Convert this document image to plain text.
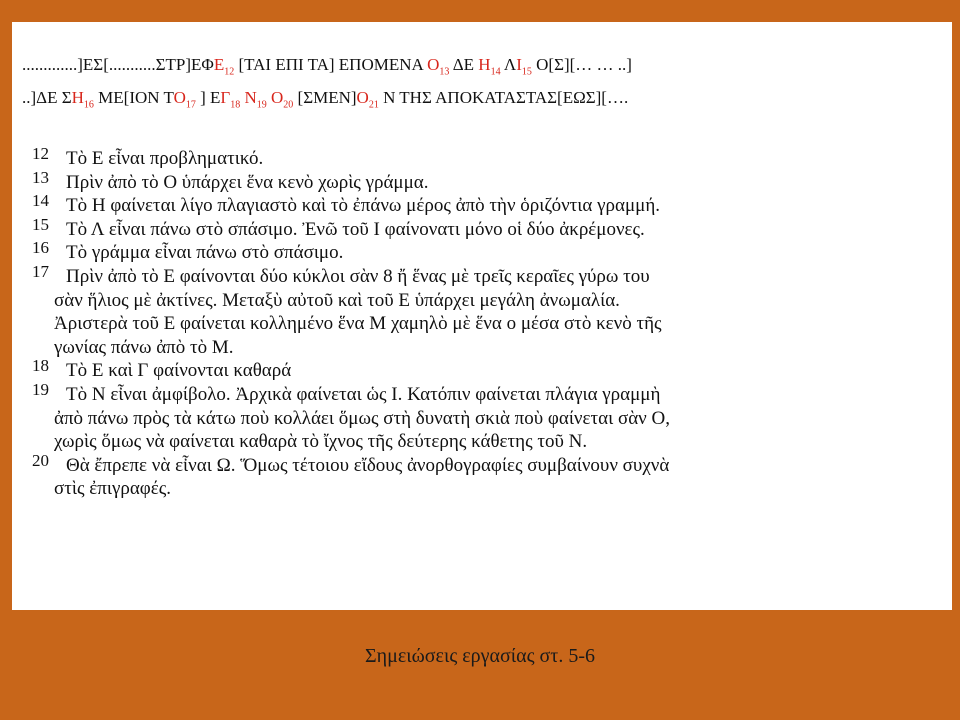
$.............]E\Sigma[...........\Sigma TP]E\Phi E_{12}$ [ΤΑΙ ΕΠΙ ΤΑ] ΕΠΟΜΕΝΑ $O_{13}$ ΔΕ $H_{14}$ $\Lambda I_{15}$ Ο[Σ][… … ..]
..]ΔΕ $\Sigma H_{16}$ ΜΕ[ΙΟΝ $TO_{17}$ ] $E\Gamma_{18}$ $N_{19}$ $O_{20}$ $[\Sigma MEN]O_{21}$ Ν ΤΗΣ ΑΠΟΚΑΤΑΣΤΑΣ[ΕΩΣ][….
12 Τὸ Ε εἶναι προβληματικό.
13 Πρὶν ἀπὸ τὸ Ο ὑπάρχει ἕνα κενὸ χωρὶς γράμμα.
14 Τὸ Η φαίνεται λίγο πλαγιαστὸ καὶ τὸ ἐπάνω μέρος ἀπὸ τὴν ὁριζόντια γραμμή.
15 Τὸ Λ εἶναι πάνω στὸ σπάσιμο. Ἐνῶ τοῦ Ι φαίνονατι μόνο οἱ δύο ἀκρέμονες.
16 Τὸ γράμμα εἶναι πάνω στὸ σπάσιμο.
17 Πρὶν ἀπὸ τὸ Ε φαίνονται δύο κύκλοι σὰν 8 ἤ ἕνας μὲ τρεῖς κεραῖες γύρω του
σὰν ἥλιος μὲ ἀκτίνες. Μεταξὺ αὐτοῦ καὶ τοῦ Ε ὑπάρχει μεγάλη ἀνωμαλία.
Ἀριστερὰ τοῦ Ε φαίνεται κολλημένο ἕνα Μ χαμηλὸ μὲ ἕνα ο μέσα στὸ κενὸ τῆς
γωνίας πάνω ἀπὸ τὸ Μ.
18 Τὸ Ε καὶ Γ φαίνονται καθαρά
19 Τὸ Ν εἶναι ἀμφίβολο. Ἀρχικὰ φαίνεται ὡς Ι. Κατόπιν φαίνεται πλάγια γραμμὴ
ἀπὸ πάνω πρὸς τὰ κάτω ποὺ κολλάει ὅμως στὴ δυνατὴ σκιὰ ποὺ φαίνεται σὰν Ο,
χωρὶς ὅμως νὰ φαίνεται καθαρὰ τὸ ἴχνος τῆς δεύτερης κάθετης τοῦ Ν.
20 Θὰ ἔπρεπε νὰ εἶναι Ω. Ὅμως τέτοιου εἴδους ἀνορθογραφίες συμβαίνουν συχνὰ
στὶς ἐπιγραφές.
Σημειώσεις εργασίας στ. 5-6
